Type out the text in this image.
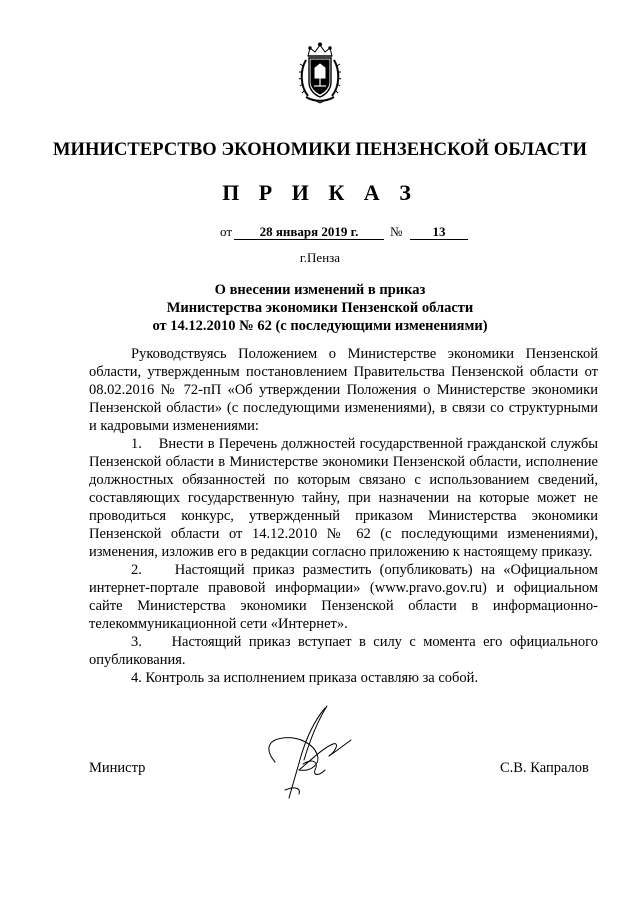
МИНИСТЕРСТВО ЭКОНОМИКИ ПЕНЗЕНСКОЙ ОБЛАСТИ
П Р И К А З
от	28 января 2019 г.	№	13
г.Пенза
О внесении изменений в приказ
Министерства экономики Пензенской области
от 14.12.2010 № 62 (с последующими изменениями)

Руководствуясь Положением о Министерстве экономики Пензенской области, утвержденным постановлением Правительства Пензенской области от 08.02.2016 № 72-пП «Об утверждении Положения о Министерстве экономики Пензенской области» (с последующими изменениями), в связи со структурными и кадровыми изменениями:

1.    Внести в Перечень должностей государственной гражданской службы Пензенской области в Министерстве экономики Пензенской области, исполнение должностных обязанностей по которым связано с использованием сведений, составляющих государственную тайну, при назначении на которые может не проводиться конкурс, утвержденный приказом Министерства экономики Пензенской области от 14.12.2010 № 62 (с последующими изменениями), изменения, изложив его в редакции согласно приложению к настоящему приказу.

2.    Настоящий приказ разместить (опубликовать) на «Официальном интернет-портале правовой информации» (www.pravo.gov.ru) и официальном сайте Министерства экономики Пензенской области в информационно-телекоммуникационной сети «Интернет».

3.    Настоящий приказ вступает в силу с момента его официального опубликования.

4. Контроль за исполнением приказа оставляю за собой.

Министр	С.В. Капралов
